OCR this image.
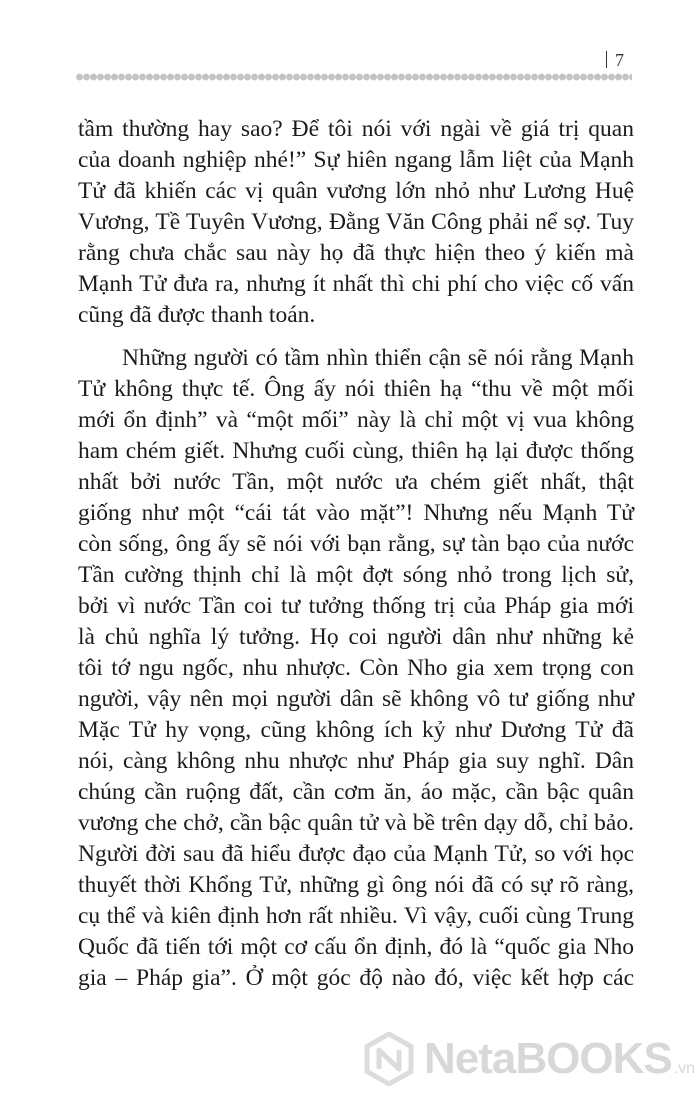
7
tầm thường hay sao? Để tôi nói với ngài về giá trị quan
của doanh nghiệp nhé!” Sự hiên ngang lẫm liệt của Mạnh
Tử đã khiến các vị quân vương lớn nhỏ như Lương Huệ
Vương, Tề Tuyên Vương, Đằng Văn Công phải nể sợ. Tuy
rằng chưa chắc sau này họ đã thực hiện theo ý kiến mà
Mạnh Tử đưa ra, nhưng ít nhất thì chi phí cho việc cố vấn
cũng đã được thanh toán.
Những người có tầm nhìn thiển cận sẽ nói rằng Mạnh
Tử không thực tế. Ông ấy nói thiên hạ “thu về một mối
mới ổn định” và “một mối” này là chỉ một vị vua không
ham chém giết. Nhưng cuối cùng, thiên hạ lại được thống
nhất bởi nước Tần, một nước ưa chém giết nhất, thật
giống như một “cái tát vào mặt”! Nhưng nếu Mạnh Tử
còn sống, ông ấy sẽ nói với bạn rằng, sự tàn bạo của nước
Tần cường thịnh chỉ là một đợt sóng nhỏ trong lịch sử,
bởi vì nước Tần coi tư tưởng thống trị của Pháp gia mới
là chủ nghĩa lý tưởng. Họ coi người dân như những kẻ
tôi tớ ngu ngốc, nhu nhược. Còn Nho gia xem trọng con
người, vậy nên mọi người dân sẽ không vô tư giống như
Mặc Tử hy vọng, cũng không ích kỷ như Dương Tử đã
nói, càng không nhu nhược như Pháp gia suy nghĩ. Dân
chúng cần ruộng đất, cần cơm ăn, áo mặc, cần bậc quân
vương che chở, cần bậc quân tử và bề trên dạy dỗ, chỉ bảo.
Người đời sau đã hiểu được đạo của Mạnh Tử, so với học
thuyết thời Khổng Tử, những gì ông nói đã có sự rõ ràng,
cụ thể và kiên định hơn rất nhiều. Vì vậy, cuối cùng Trung
Quốc đã tiến tới một cơ cấu ổn định, đó là “quốc gia Nho
gia – Pháp gia”. Ở một góc độ nào đó, việc kết hợp các
NetaBOOKS .vn
